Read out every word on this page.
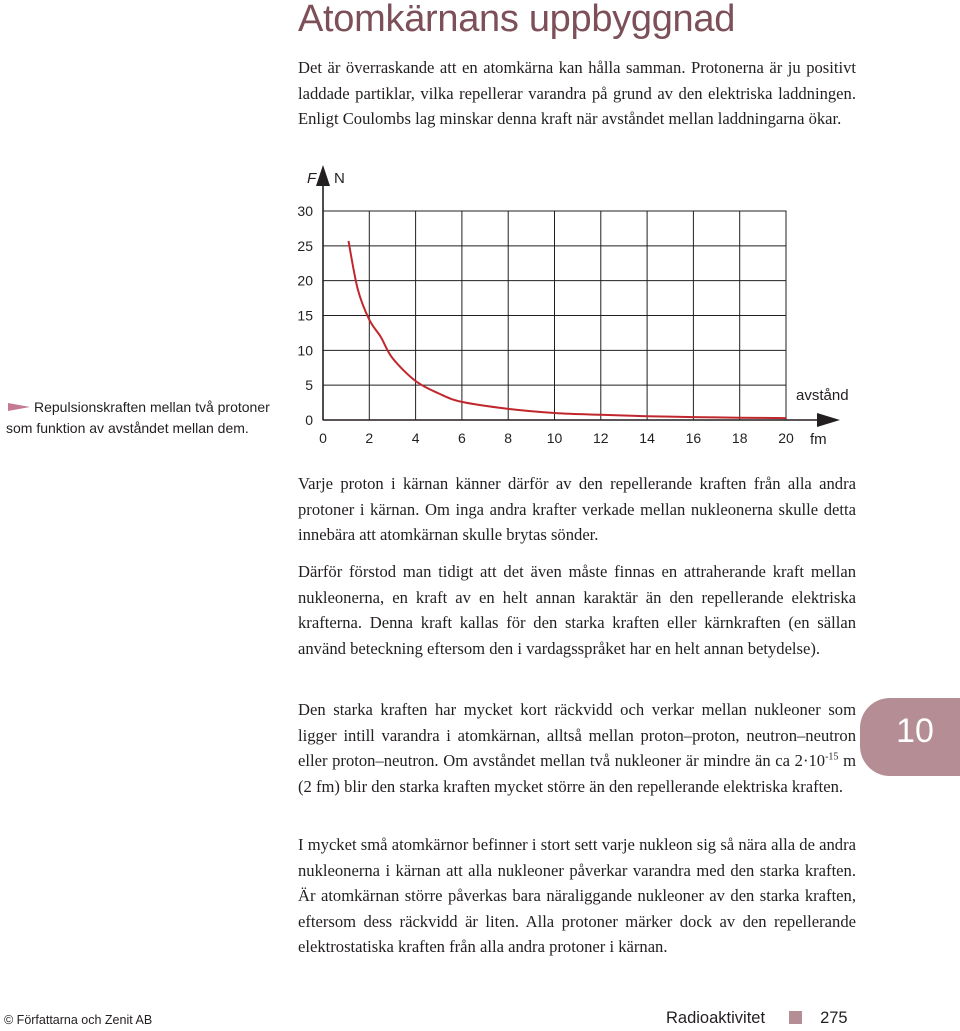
Atomkärnans uppbyggnad

Det är överraskande att en atomkärna kan hålla samman. Protonerna är ju positivt laddade partiklar, vilka repellerar varandra på grund av den elektriska laddningen. Enligt Coulombs lag minskar denna kraft när avståndet mellan laddningarna ökar.

Repulsionskraften mellan två protoner
som funktion av avståndet mellan dem.
F N
avstånd
fm
0
5
10
15
20
25
30
0	2	4	6	8 10 12 14 16 18 20

Varje proton i kärnan känner därför av den repellerande kraften från alla andra protoner i kärnan. Om inga andra krafter verkade mellan nukleonerna skulle detta innebära att atomkärnan skulle brytas sönder.

Därför förstod man tidigt att det även måste finnas en attraherande kraft mellan nukleonerna, en kraft av en helt annan karaktär än den repellerande elektriska krafterna. Denna kraft kallas för den starka kraften eller kärnkraften (en sällan använd beteckning eftersom den i vardagsspråket har en helt annan betydelse).

Den starka kraften har mycket kort räckvidd och verkar mellan nukleoner som ligger intill varandra i atomkärnan, alltså mellan proton–proton, neutron–neutron eller proton–neutron. Om avståndet mellan två nukleoner är mindre än ca $2\cdot 10^{-15}$ m (2 fm) blir den starka kraften mycket större än den repellerande elektriska kraften.

I mycket små atomkärnor befinner i stort sett varje nukleon sig så nära alla de andra nukleonerna i kärnan att alla nukleoner påverkar varandra med den starka kraften. Är atomkärnan större påverkas bara näraliggande nukleoner av den starka kraften, eftersom dess räckvidd är liten. Alla protoner märker dock av den repellerande elektrostatiska kraften från alla andra protoner i kärnan.

10
© Författarna och Zenit AB	Radioaktivitet	275
